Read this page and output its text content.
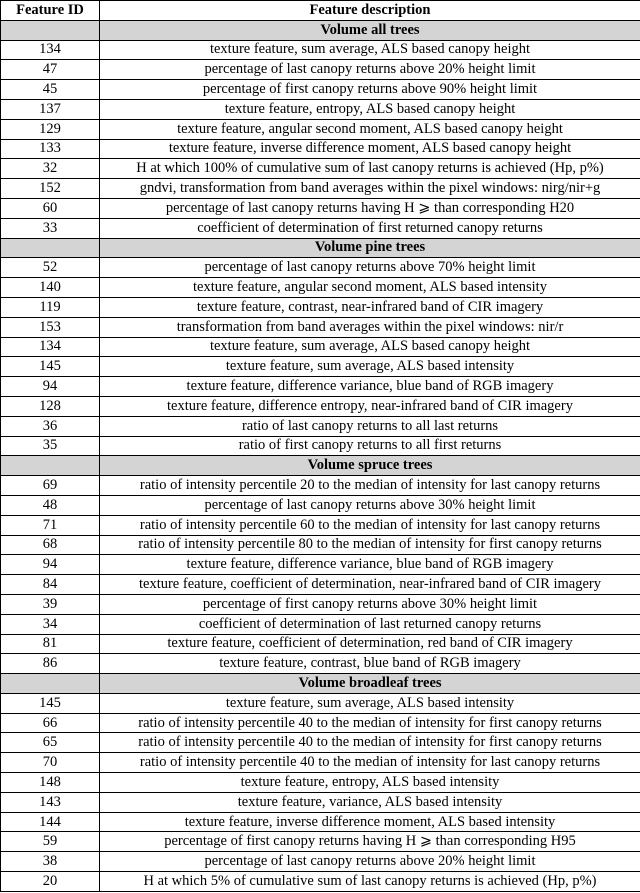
Feature ID	Feature description
	Volume all trees
134	texture feature, sum average, ALS based canopy height
47	percentage of last canopy returns above 20% height limit
45	percentage of first canopy returns above 90% height limit
137	texture feature, entropy, ALS based canopy height
129	texture feature, angular second moment, ALS based canopy height
133	texture feature, inverse difference moment, ALS based canopy height
32	H at which 100% of cumulative sum of last canopy returns is achieved (Hp, p%)
152	gndvi, transformation from band averages within the pixel windows: nirg/nir+g
60	percentage of last canopy returns having H ⩾ than corresponding H20
33	coefficient of determination of first returned canopy returns
	Volume pine trees
52	percentage of last canopy returns above 70% height limit
140	texture feature, angular second moment, ALS based intensity
119	texture feature, contrast, near-infrared band of CIR imagery
153	transformation from band averages within the pixel windows: nir/r
134	texture feature, sum average, ALS based canopy height
145	texture feature, sum average, ALS based intensity
94	texture feature, difference variance, blue band of RGB imagery
128	texture feature, difference entropy, near-infrared band of CIR imagery
36	ratio of last canopy returns to all last returns
35	ratio of first canopy returns to all first returns
	Volume spruce trees
69	ratio of intensity percentile 20 to the median of intensity for last canopy returns
48	percentage of last canopy returns above 30% height limit
71	ratio of intensity percentile 60 to the median of intensity for last canopy returns
68	ratio of intensity percentile 80 to the median of intensity for first canopy returns
94	texture feature, difference variance, blue band of RGB imagery
84	texture feature, coefficient of determination, near-infrared band of CIR imagery
39	percentage of first canopy returns above 30% height limit
34	coefficient of determination of last returned canopy returns
81	texture feature, coefficient of determination, red band of CIR imagery
86	texture feature, contrast, blue band of RGB imagery
	Volume broadleaf trees
145	texture feature, sum average, ALS based intensity
66	ratio of intensity percentile 40 to the median of intensity for first canopy returns
65	ratio of intensity percentile 40 to the median of intensity for first canopy returns
70	ratio of intensity percentile 40 to the median of intensity for last canopy returns
148	texture feature, entropy, ALS based intensity
143	texture feature, variance, ALS based intensity
144	texture feature, inverse difference moment, ALS based intensity
59	percentage of first canopy returns having H ⩾ than corresponding H95
38	percentage of last canopy returns above 20% height limit
20	H at which 5% of cumulative sum of last canopy returns is achieved (Hp, p%)
